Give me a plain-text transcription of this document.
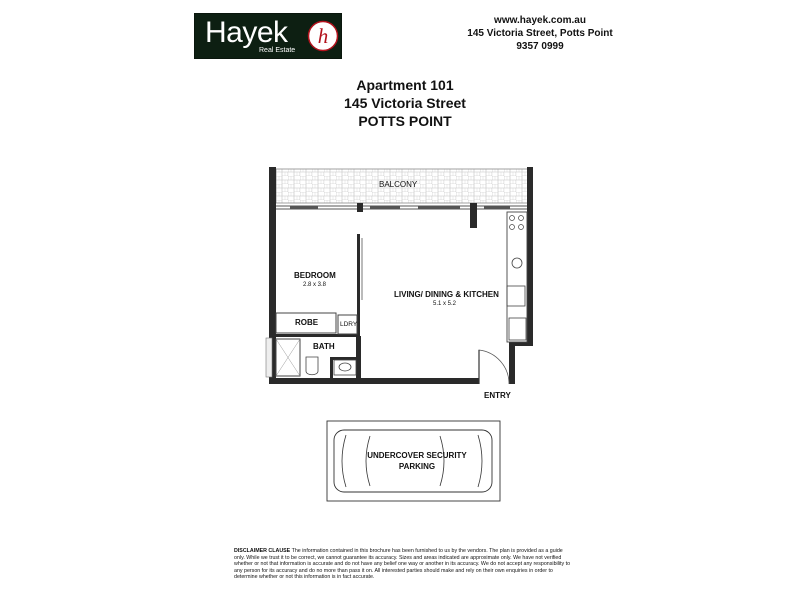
Hayek
Real Estate
h
www.hayek.com.au
145 Victoria Street, Potts Point
9357 0999
Apartment 101
145 Victoria Street
POTTS POINT
BALCONY
BEDROOM
2.8 x 3.8
LIVING/ DINING & KITCHEN
5.1 x 5.2
ROBE	LDRY
BATH
ENTRY
UNDERCOVER SECURITY
PARKING
DISCLAIMER CLAUSE The information contained in this brochure has been furnished to us by the vendors. The plan is provided as a guide only. While we trust it to be correct, we cannot guarantee its accuracy. Sizes and areas indicated are approximate only. We have not verified whether or not that information is accurate and do not have any belief one way or another in its accuracy. We do not accept any responsibility to any person for its accuracy and do no more than pass it on. All interested parties should make and rely on their own enquiries in order to determine whether or not this information is in fact accurate.
